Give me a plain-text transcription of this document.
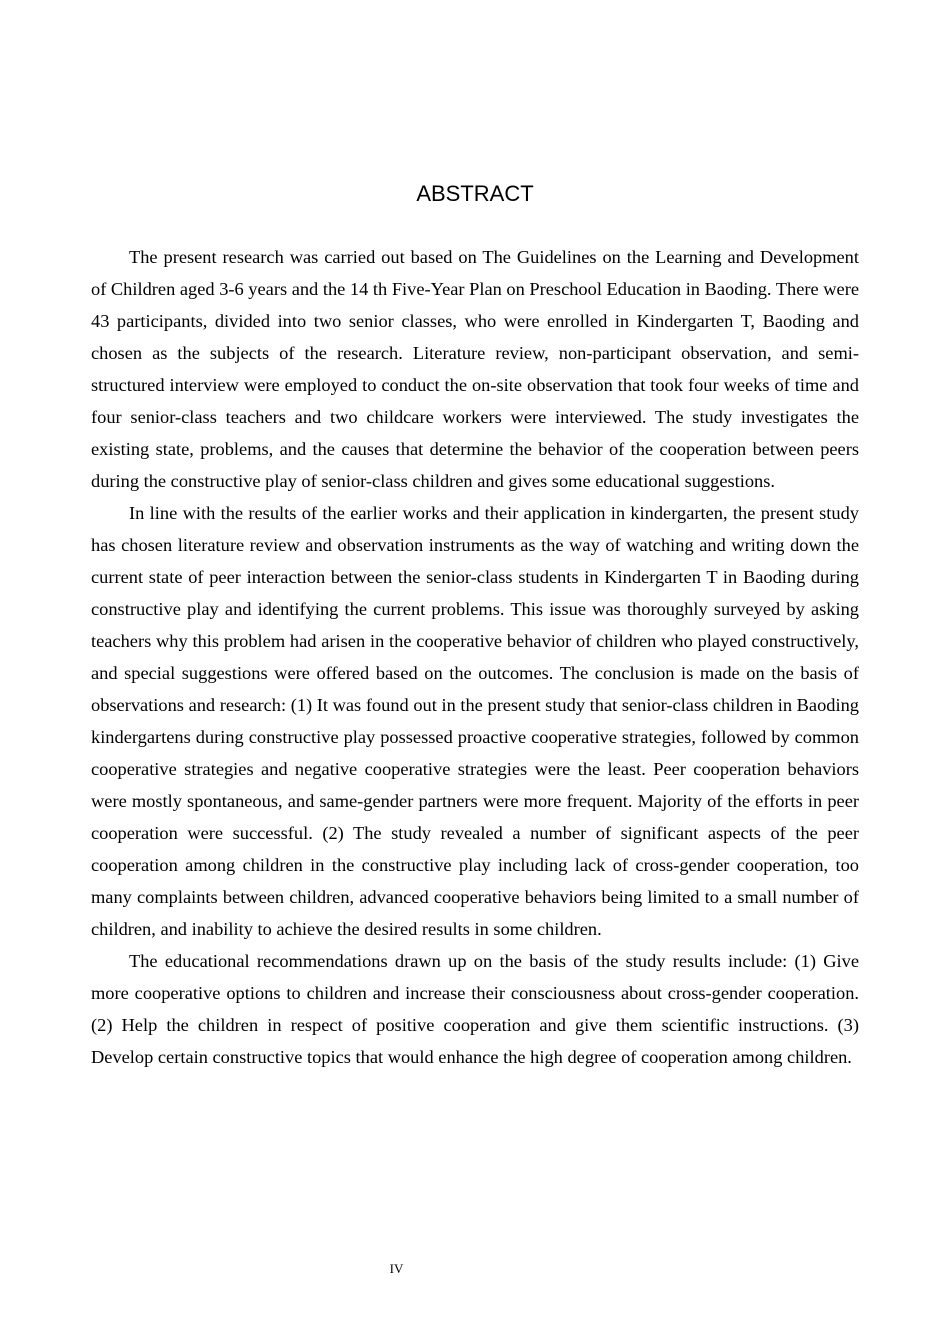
ABSTRACT

The present research was carried out based on The Guidelines on the Learning and Development of Children aged 3-6 years and the 14 th Five-Year Plan on Preschool Education in Baoding. There were 43 participants, divided into two senior classes, who were enrolled in Kindergarten T, Baoding and chosen as the subjects of the research. Literature review, non-participant observation, and semi-structured interview were employed to conduct the on-site observation that took four weeks of time and four senior-class teachers and two childcare workers were interviewed. The study investigates the existing state, problems, and the causes that determine the behavior of the cooperation between peers during the constructive play of senior-class children and gives some educational suggestions.

In line with the results of the earlier works and their application in kindergarten, the present study has chosen literature review and observation instruments as the way of watching and writing down the current state of peer interaction between the senior-class students in Kindergarten T in Baoding during constructive play and identifying the current problems. This issue was thoroughly surveyed by asking teachers why this problem had arisen in the cooperative behavior of children who played constructively, and special suggestions were offered based on the outcomes. The conclusion is made on the basis of observations and research: (1) It was found out in the present study that senior-class children in Baoding kindergartens during constructive play possessed proactive cooperative strategies, followed by common cooperative strategies and negative cooperative strategies were the least. Peer cooperation behaviors were mostly spontaneous, and same-gender partners were more frequent. Majority of the efforts in peer cooperation were successful. (2) The study revealed a number of significant aspects of the peer cooperation among children in the constructive play including lack of cross-gender cooperation, too many complaints between children, advanced cooperative behaviors being limited to a small number of children, and inability to achieve the desired results in some children.

The educational recommendations drawn up on the basis of the study results include: (1) Give more cooperative options to children and increase their consciousness about cross-gender cooperation. (2) Help the children in respect of positive cooperation and give them scientific instructions. (3) Develop certain constructive topics that would enhance the high degree of cooperation among children.

IV
